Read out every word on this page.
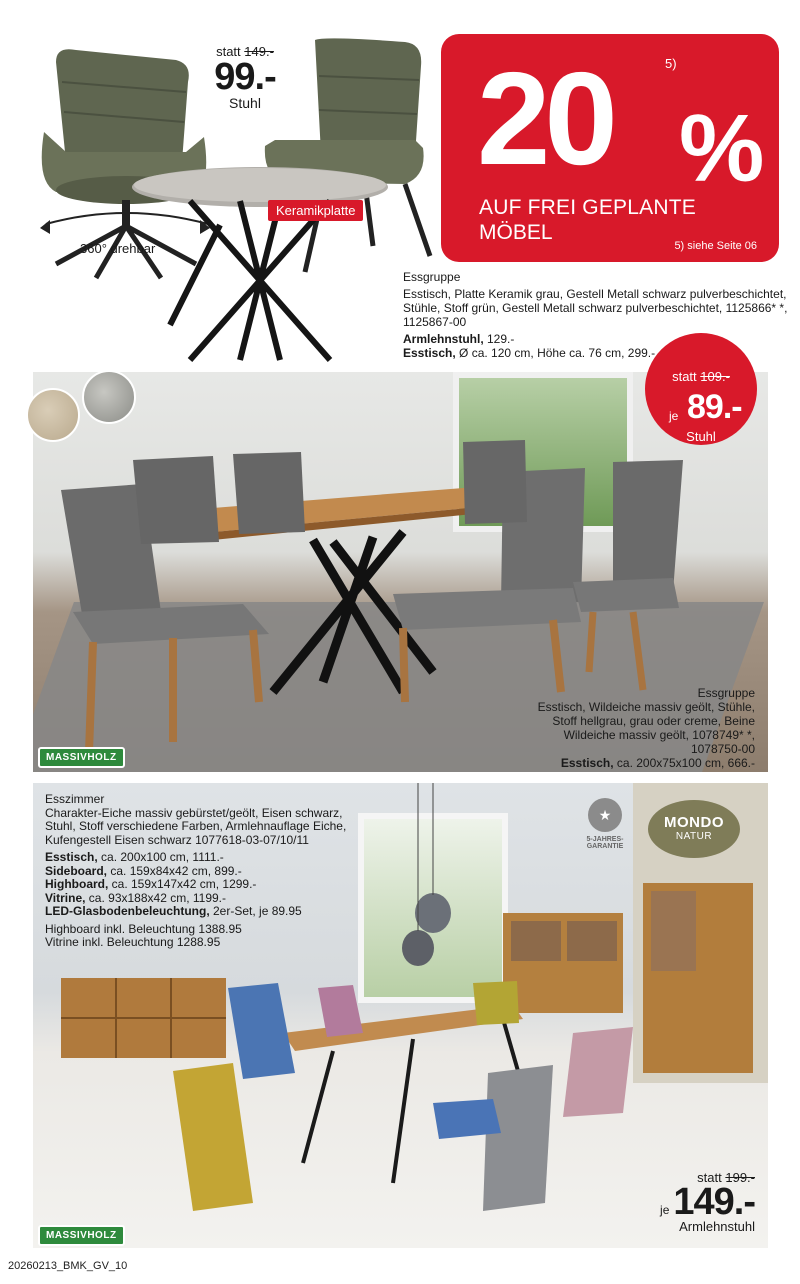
statt 149.-
99.-
Stuhl
Keramikplatte
360° drehbar
20 %
5)
AUF FREI GEPLANTE
MÖBEL
5) siehe Seite 06

Essgruppe

Esstisch, Platte Keramik grau, Gestell Metall schwarz pulverbeschichtet, Stühle, Stoff grün, Gestell Metall schwarz pulverbeschichtet, 1125866* *, 1125867-00

Armlehnstuhl, 129.-
Esstisch, Ø ca. 120 cm, Höhe ca. 76 cm, 299.-

statt 109.-
je 89.-
Stuhl
Essgruppe
Esstisch, Wildeiche massiv geölt, Stühle, Stoff hellgrau, grau oder creme, Beine Wildeiche massiv geölt, 1078749* *, 1078750-00
Esstisch, ca. 200x75x100 cm, 666.-
MASSIVHOLZ

Esszimmer
Charakter-Eiche massiv gebürstet/geölt, Eisen schwarz, Stuhl, Stoff verschiedene Farben, Armlehnauflage Eiche, Kufengestell Eisen schwarz 1077618-03-07/10/11

Esstisch, ca. 200x100 cm, 1111.-
Sideboard, ca. 159x84x42 cm, 899.-
Highboard, ca. 159x147x42 cm, 1299.-
Vitrine, ca. 93x188x42 cm, 1199.-
LED-Glasbodenbeleuchtung, 2er-Set, je 89.95

Highboard inkl. Beleuchtung 1388.95
Vitrine inkl. Beleuchtung 1288.95

★
5-JAHRES-
GARANTIE
MONDO
NATUR
statt 199.-
je 149.-
Armlehnstuhl
MASSIVHOLZ
20260213_BMK_GV_10
